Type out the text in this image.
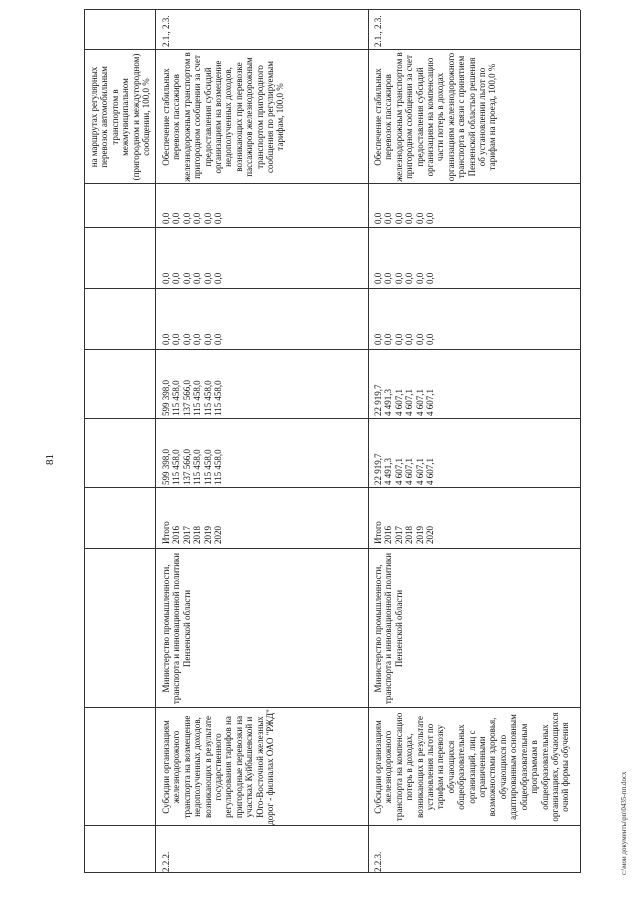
81
на маршрутах регулярных перевозок автомобильным транспортом в межмуниципальном (пригородном и междугородном) сообщении, 100,0 %
2.2.2.
Субсидии организациям железнодорожного транспорта на возмещение недополученных доходов, возникающих в результате государственного регулирования тарифов на пригородные перевозки на участках Куйбышевской и Юго-Восточной железных дорог - филиалах ОАО "РЖД"
Министерство промышленности, транспорта и инновационной политики Пензенской области
Итого 2016 2017 2018 2019 2020
599 398,0 115 458,0 137 566,0 115 458,0 115 458,0 115 458,0
599 398,0 115 458,0 137 566,0 115 458,0 115 458,0 115 458,0
0,0 0,0 0,0 0,0 0,0 0,0
0,0 0,0 0,0 0,0 0,0 0,0
0,0 0,0 0,0 0,0 0,0 0,0
Обеспечение стабильных перевозок пассажиров железнодорожным транспортом в пригородном сообщении за счет предоставления субсидий организациям на возмещение недополученных доходов, возникающих при перевозке пассажиров железнодорожным транспортом пригородного сообщения по регулируемым тарифам, 100,0 %
2.1., 2.3.
2.2.3.
Субсидии организациям железнодорожного транспорта на компенсацию потерь в доходах, возникающих в результате установления льгот по тарифам на перевозку обучающихся общеобразовательных организаций, лиц с ограниченными возможностями здоровья, обучающихся по адаптированным основным общеобразовательным программам в общеобразовательных организациях, обучающихся очной формы обучения
Министерство промышленности, транспорта и инновационной политики Пензенской области
Итого 2016 2017 2018 2019 2020
22 919,7 4 491,3 4 607,1 4 607,1 4 607,1 4 607,1
22 919,7 4 491,3 4 607,1 4 607,1 4 607,1 4 607,1
0,0 0,0 0,0 0,0 0,0 0,0
0,0 0,0 0,0 0,0 0,0 0,0
0,0 0,0 0,0 0,0 0,0 0,0
Обеспечение стабильных перевозок пассажиров железнодорожным транспортом в пригородном сообщении за счет предоставления субсидий организациям на компенсацию части потерь в доходах организациям железнодорожного транспорта в связи с принятием Пензенской областью решения об установлении льгот по тарифам на проезд, 100,0 %
2.1., 2.3.
c:\мои документы\рп\0435-пп.docx
